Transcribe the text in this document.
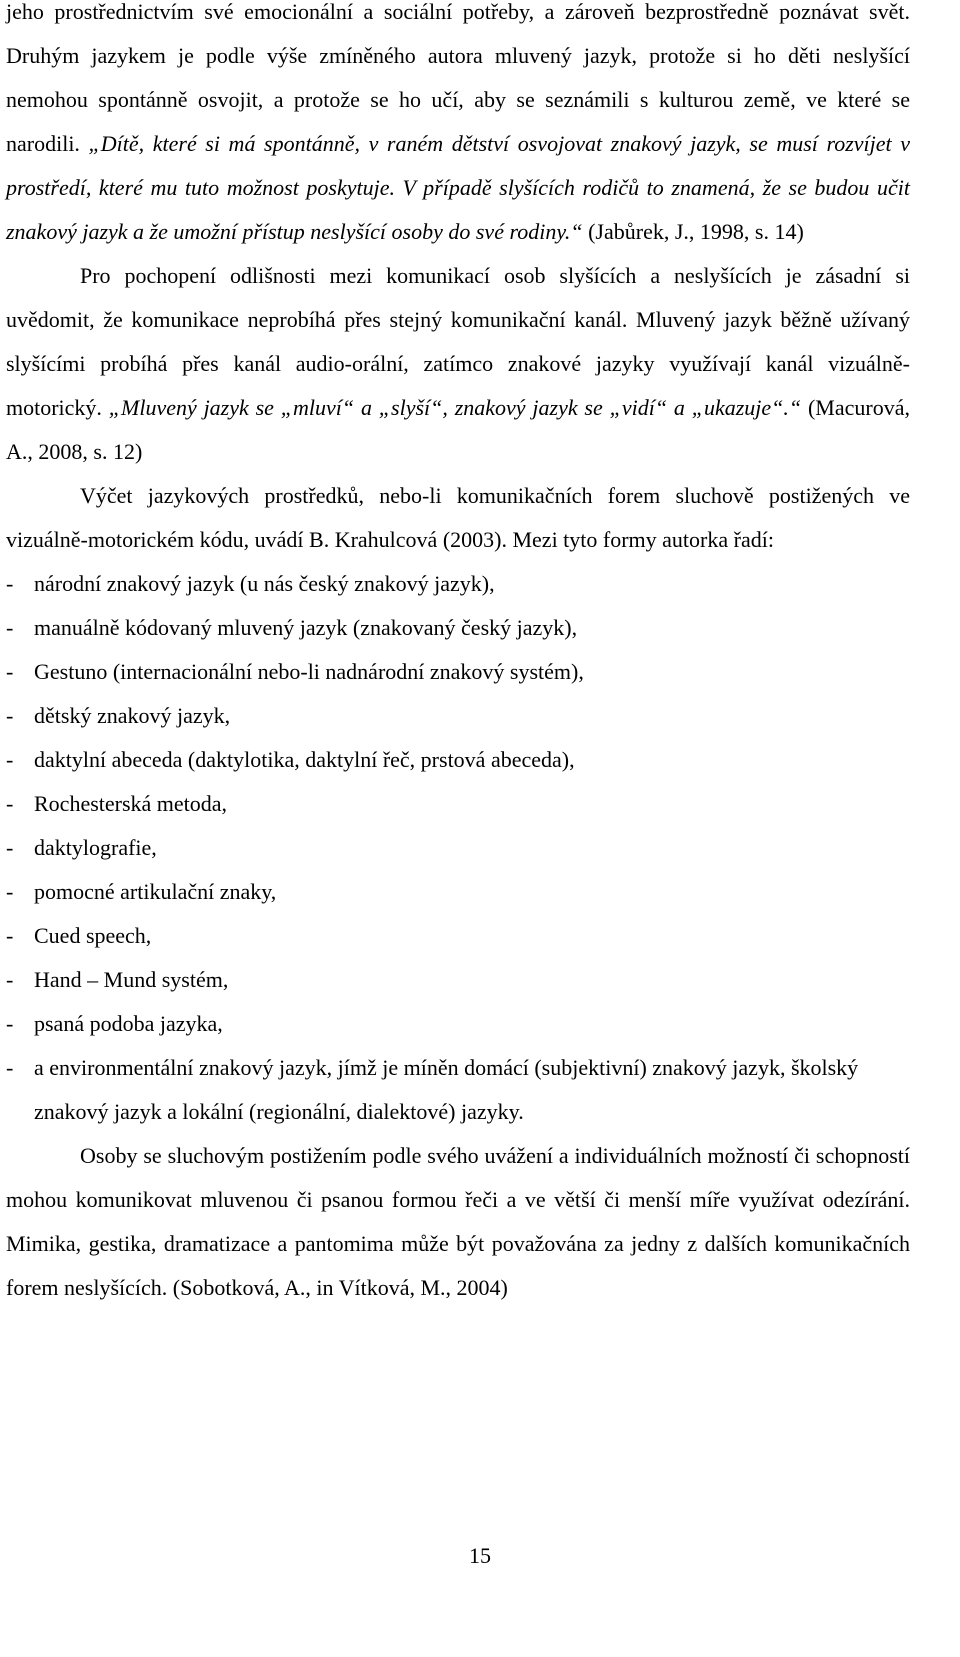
jeho prostřednictvím své emocionální a sociální potřeby, a zároveň bezprostředně poznávat svět. Druhým jazykem je podle výše zmíněného autora mluvený jazyk, protože si ho děti neslyšící nemohou spontánně osvojit, a protože se ho učí, aby se seznámili s kulturou země, ve které se narodili. „Dítě, které si má spontánně, v raném dětství osvojovat znakový jazyk, se musí rozvíjet v prostředí, které mu tuto možnost poskytuje. V případě slyšících rodičů to znamená, že se budou učit znakový jazyk a že umožní přístup neslyšící osoby do své rodiny.“ (Jabůrek, J., 1998, s. 14)

Pro pochopení odlišnosti mezi komunikací osob slyšících a neslyšících je zásadní si uvědomit, že komunikace neprobíhá přes stejný komunikační kanál. Mluvený jazyk běžně užívaný slyšícími probíhá přes kanál audio-orální, zatímco znakové jazyky využívají kanál vizuálně-motorický. „Mluvený jazyk se „mluví“ a „slyší“, znakový jazyk se „vidí“ a „ukazuje“.“ (Macurová, A., 2008, s. 12)

Výčet jazykových prostředků, nebo-li komunikačních forem sluchově postižených ve vizuálně-motorickém kódu, uvádí B. Krahulcová (2003). Mezi tyto formy autorka řadí:

- národní znakový jazyk (u nás český znakový jazyk),
- manuálně kódovaný mluvený jazyk (znakovaný český jazyk),
- Gestuno (internacionální nebo-li nadnárodní znakový systém),
- dětský znakový jazyk,
- daktylní abeceda (daktylotika, daktylní řeč, prstová abeceda),
- Rochesterská metoda,
- daktylografie,
- pomocné artikulační znaky,
- Cued speech,
- Hand – Mund systém,
- psaná podoba jazyka,
- a environmentální znakový jazyk, jímž je míněn domácí (subjektivní) znakový jazyk, školský znakový jazyk a lokální (regionální, dialektové) jazyky.

Osoby se sluchovým postižením podle svého uvážení a individuálních možností či schopností mohou komunikovat mluvenou či psanou formou řeči a ve větší či menší míře využívat odezírání. Mimika, gestika, dramatizace a pantomima může být považována za jedny z dalších komunikačních forem neslyšících. (Sobotková, A., in Vítková, M., 2004)

15
